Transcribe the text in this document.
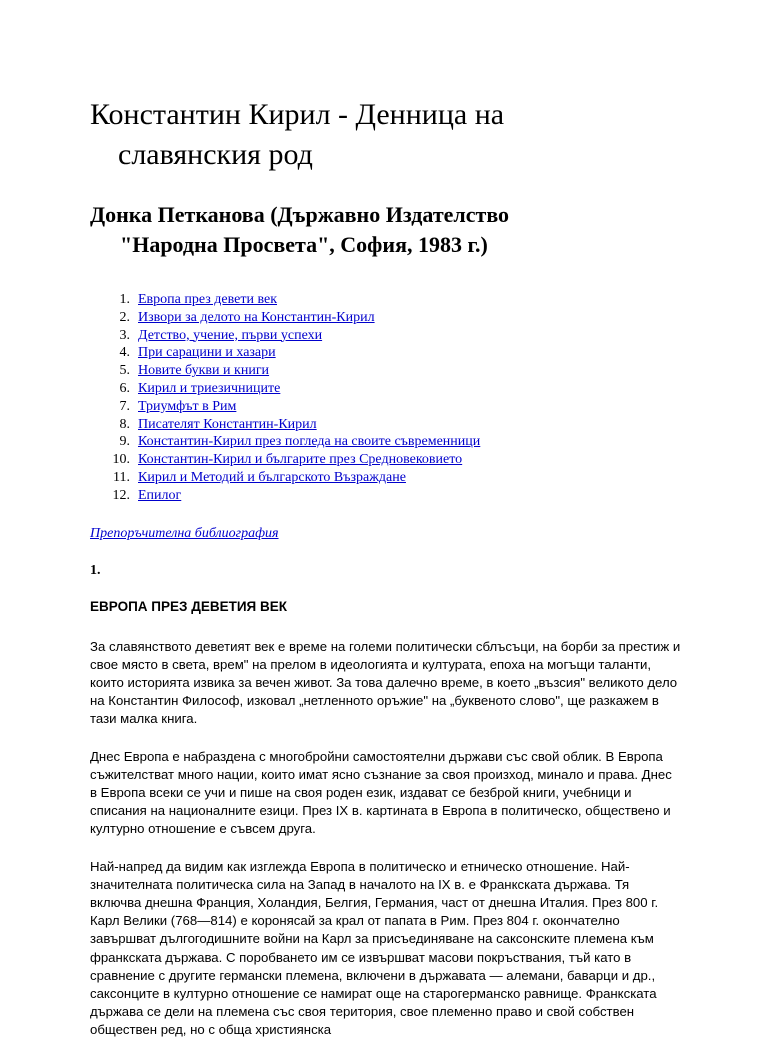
Константин Кирил - Денница на
славянския род
Донка Петканова (Държавно Издателство
"Народна Просвета", София, 1983 г.)
1. Европа през девети век
2. Извори за делото на Константин-Кирил
3. Детство, учение, първи успехи
4. При сарацини и хазари
5. Новите букви и книги
6. Кирил и триезичниците
7. Триумфът в Рим
8. Писателят Константин-Кирил
9. Константин-Кирил през погледа на своите съвременници
10. Константин-Кирил и българите през Средновековието
11. Кирил и Методий и българското Възраждане
12. Епилог
Препоръчителна библиография
1.
ЕВРОПА ПРЕЗ ДЕВЕТИЯ ВЕК

За славянството деветият век е време на големи политически сблъсъци, на борби за престиж и свое място в света, врем" на прелом в идеологията и културата, епоха на могъщи таланти, които историята извика за вечен живот. За това далечно време, в което „възсия" великото дело на Константин Философ, изковал „нетленното оръжие" на „буквеното слово", ще разкажем в тази малка книга.

Днес Европа е набраздена с многобройни самостоятелни държави със свой облик. В Европа съжителстват много нации, които имат ясно съзнание за своя произход, минало и права. Днес в Европа всеки се учи и пише на своя роден език, издават се безброй книги, учебници и списания на националните езици. През IX в. картината в Европа в политическо, обществено и културно отношение е съвсем друга.

Най-напред да видим как изглежда Европа в политическо и етническо отношение. Най-значителната политическа сила на Запад в началото на IX в. е Франкската държава. Тя включва днешна Франция, Холандия, Белгия, Германия, част от днешна Италия. През 800 г. Карл Велики (768—814) е коронясай за крал от папата в Рим. През 804 г. окончателно завършват дългогодишните войни на Карл за присъединяване на саксонските племена към франкската държава. С поробването им се извършват масови покръствания, тъй като в сравнение с другите германски племена, включени в държавата — алемани, баварци и др., саксонците в културно отношение се намират още на старогерманско равнище. Франкската държава се дели на племена със своя територия, свое племенно право и свой собствен обществен ред, но с обща християнска
